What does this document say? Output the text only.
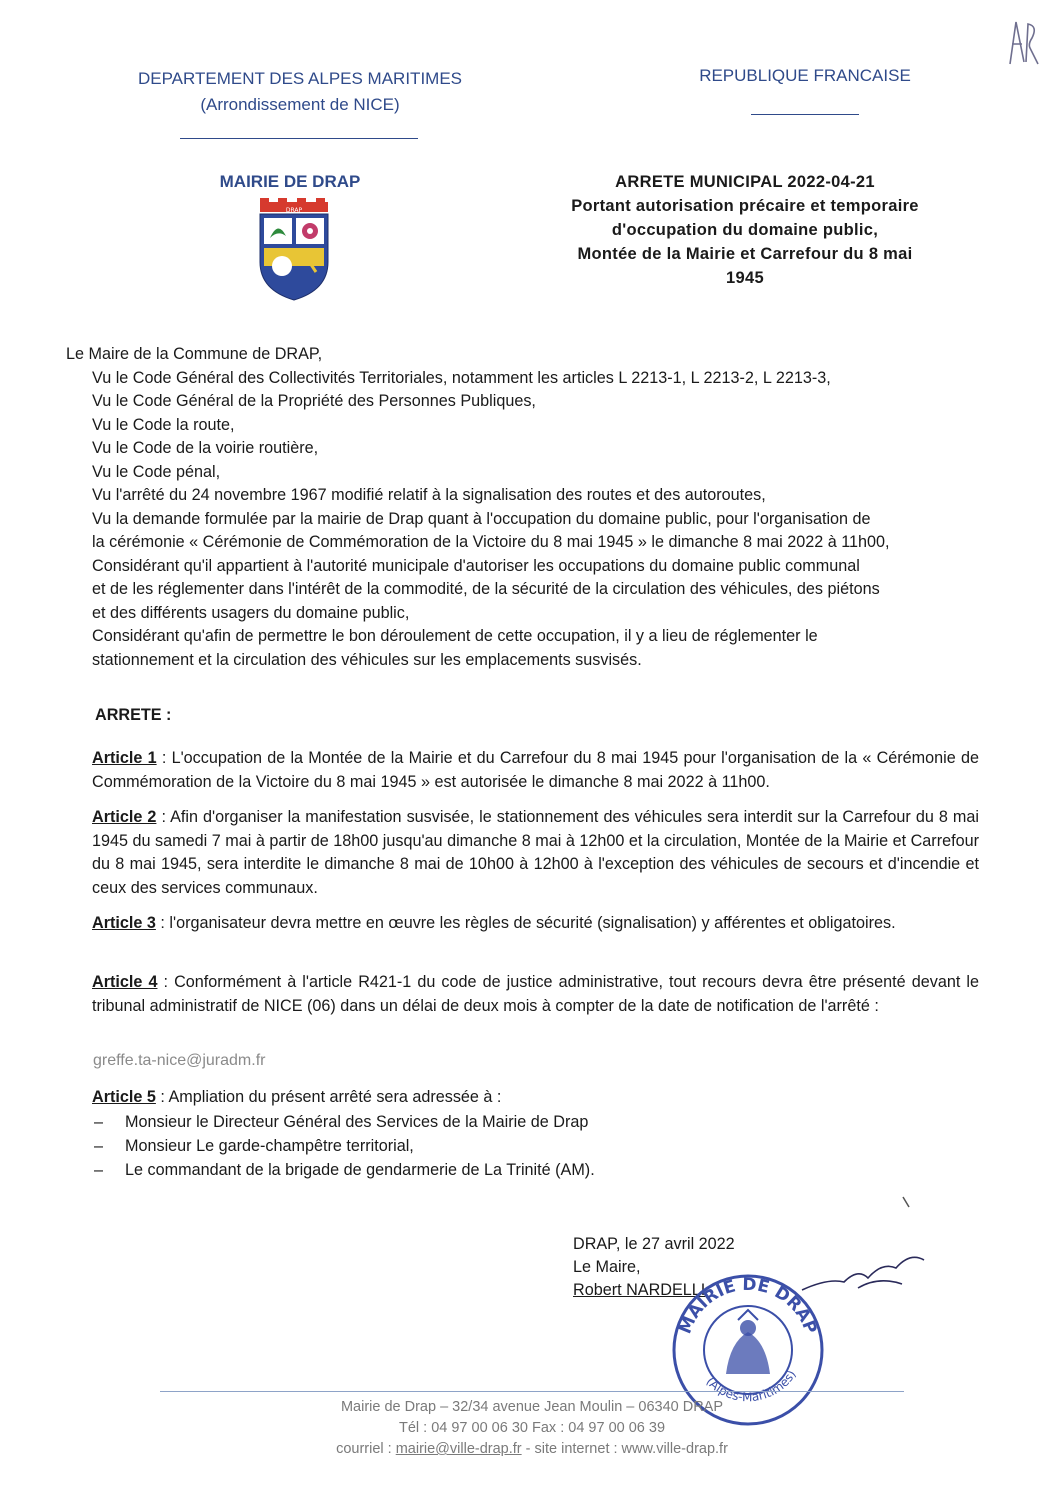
DEPARTEMENT DES ALPES MARITIMES
(Arrondissement de NICE)
REPUBLIQUE FRANCAISE
MAIRIE DE DRAP
DRAP
ARRETE MUNICIPAL 2022-04-21
Portant autorisation précaire et temporaire
d'occupation du domaine public,
Montée de la Mairie et Carrefour du 8 mai
1945
Le Maire de la Commune de DRAP,
Vu le Code Général des Collectivités Territoriales, notamment les articles L 2213-1, L 2213-2, L 2213-3,
Vu le Code Général de la Propriété des Personnes Publiques,
Vu le Code la route,
Vu le Code de la voirie routière,
Vu le Code pénal,
Vu l'arrêté du 24 novembre 1967 modifié relatif à la signalisation des routes et des autoroutes,
Vu la demande formulée par la mairie de Drap quant à l'occupation du domaine public, pour l'organisation de
la cérémonie « Cérémonie de Commémoration de la Victoire du 8 mai 1945 » le dimanche 8 mai 2022 à 11h00,
Considérant qu'il appartient à l'autorité municipale d'autoriser les occupations du domaine public communal
et de les réglementer dans l'intérêt de la commodité, de la sécurité de la circulation des véhicules, des piétons
et des différents usagers du domaine public,
Considérant qu'afin de permettre le bon déroulement de cette occupation, il y a lieu de réglementer le
stationnement et la circulation des véhicules sur les emplacements susvisés.
ARRETE :
Article 1 : L'occupation de la Montée de la Mairie et du Carrefour du 8 mai 1945 pour l'organisation de la « Cérémonie de Commémoration de la Victoire du 8 mai 1945 » est autorisée le dimanche 8 mai 2022 à 11h00.
Article 2 : Afin d'organiser la manifestation susvisée, le stationnement des véhicules sera interdit sur la Carrefour du 8 mai 1945 du samedi 7 mai à partir de 18h00 jusqu'au dimanche 8 mai à 12h00 et la circulation, Montée de la Mairie et Carrefour du 8 mai 1945, sera interdite le dimanche 8 mai de 10h00 à 12h00 à l'exception des véhicules de secours et d'incendie et ceux des services communaux.
Article 3 : l'organisateur devra mettre en œuvre les règles de sécurité (signalisation) y afférentes et obligatoires.
Article 4 : Conformément à l'article R421-1 du code de justice administrative, tout recours devra être présenté devant le tribunal administratif de NICE (06) dans un délai de deux mois à compter de la date de notification de l'arrêté :
greffe.ta-nice@juradm.fr
Article 5 : Ampliation du présent arrêté sera adressée à :
– Monsieur le Directeur Général des Services de la Mairie de Drap
– Monsieur Le garde-champêtre territorial,
– Le commandant de la brigade de gendarmerie de La Trinité (AM).
DRAP, le 27 avril 2022
Le Maire,
Robert NARDELLI
MAIRIE DE DRAP
(Alpes-Maritimes)
Mairie de Drap – 32/34 avenue Jean Moulin – 06340 DRAP
Tél : 04 97 00 06 30 Fax : 04 97 00 06 39
courriel : mairie@ville-drap.fr - site internet : www.ville-drap.fr
